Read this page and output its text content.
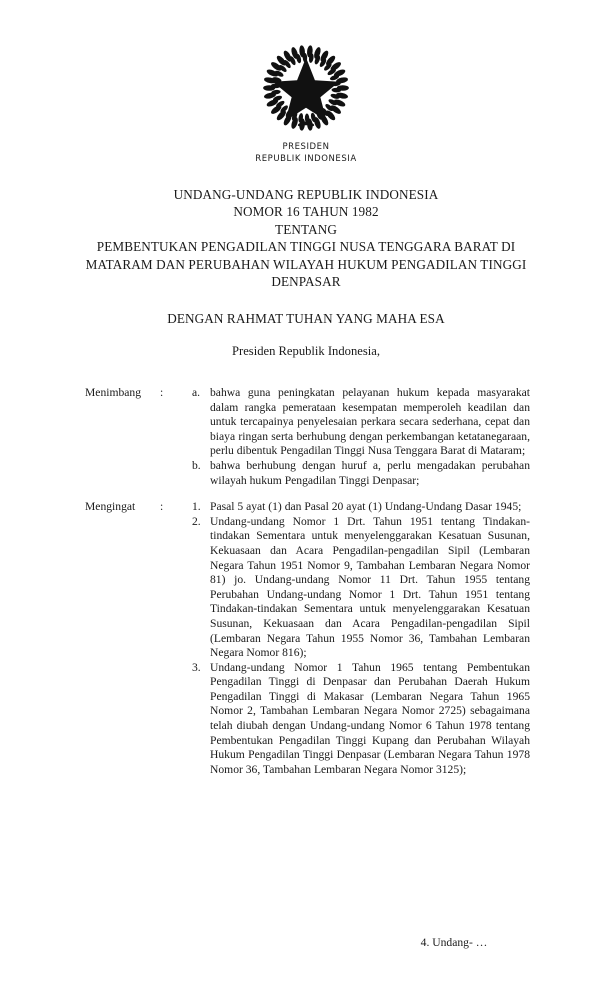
PRESIDEN
REPUBLIK INDONESIA
UNDANG-UNDANG REPUBLIK INDONESIA
NOMOR 16 TAHUN 1982
TENTANG
PEMBENTUKAN PENGADILAN TINGGI NUSA TENGGARA BARAT DI
MATARAM DAN PERUBAHAN WILAYAH HUKUM PENGADILAN TINGGI
DENPASAR
DENGAN RAHMAT TUHAN YANG MAHA ESA
Presiden Republik Indonesia,
Menimbang	:	a. bahwa guna peningkatan pelayanan hukum kepada masyarakat dalam rangka pemerataan kesempatan memperoleh keadilan dan untuk tercapainya penyelesaian perkara secara sederhana, cepat dan biaya ringan serta berhubung dengan perkembangan ketatanegaraan, perlu dibentuk Pengadilan Tinggi Nusa Tenggara Barat di Mataram;
b. bahwa berhubung dengan huruf a, perlu mengadakan perubahan wilayah hukum Pengadilan Tinggi Denpasar;
Mengingat	:	1. Pasal 5 ayat (1) dan Pasal 20 ayat (1) Undang-Undang Dasar 1945;
2. Undang-undang Nomor 1 Drt. Tahun 1951 tentang Tindakan-tindakan Sementara untuk menyelenggarakan Kesatuan Susunan, Kekuasaan dan Acara Pengadilan-pengadilan Sipil (Lembaran Negara Tahun 1951 Nomor 9, Tambahan Lembaran Negara Nomor 81) jo. Undang-undang Nomor 11 Drt. Tahun 1955 tentang Perubahan Undang-undang Nomor 1 Drt. Tahun 1951 tentang Tindakan-tindakan Sementara untuk menyelenggarakan Kesatuan Susunan, Kekuasaan dan Acara Pengadilan-pengadilan Sipil (Lembaran Negara Tahun 1955 Nomor 36, Tambahan Lembaran Negara Nomor 816);
3. Undang-undang Nomor 1 Tahun 1965 tentang Pembentukan Pengadilan Tinggi di Denpasar dan Perubahan Daerah Hukum Pengadilan Tinggi di Makasar (Lembaran Negara Tahun 1965 Nomor 2, Tambahan Lembaran Negara Nomor 2725) sebagaimana telah diubah dengan Undang-undang Nomor 6 Tahun 1978 tentang Pembentukan Pengadilan Tinggi Kupang dan Perubahan Wilayah Hukum Pengadilan Tinggi Denpasar (Lembaran Negara Tahun 1978 Nomor 36, Tambahan Lembaran Negara Nomor 3125);
4. Undang- …
